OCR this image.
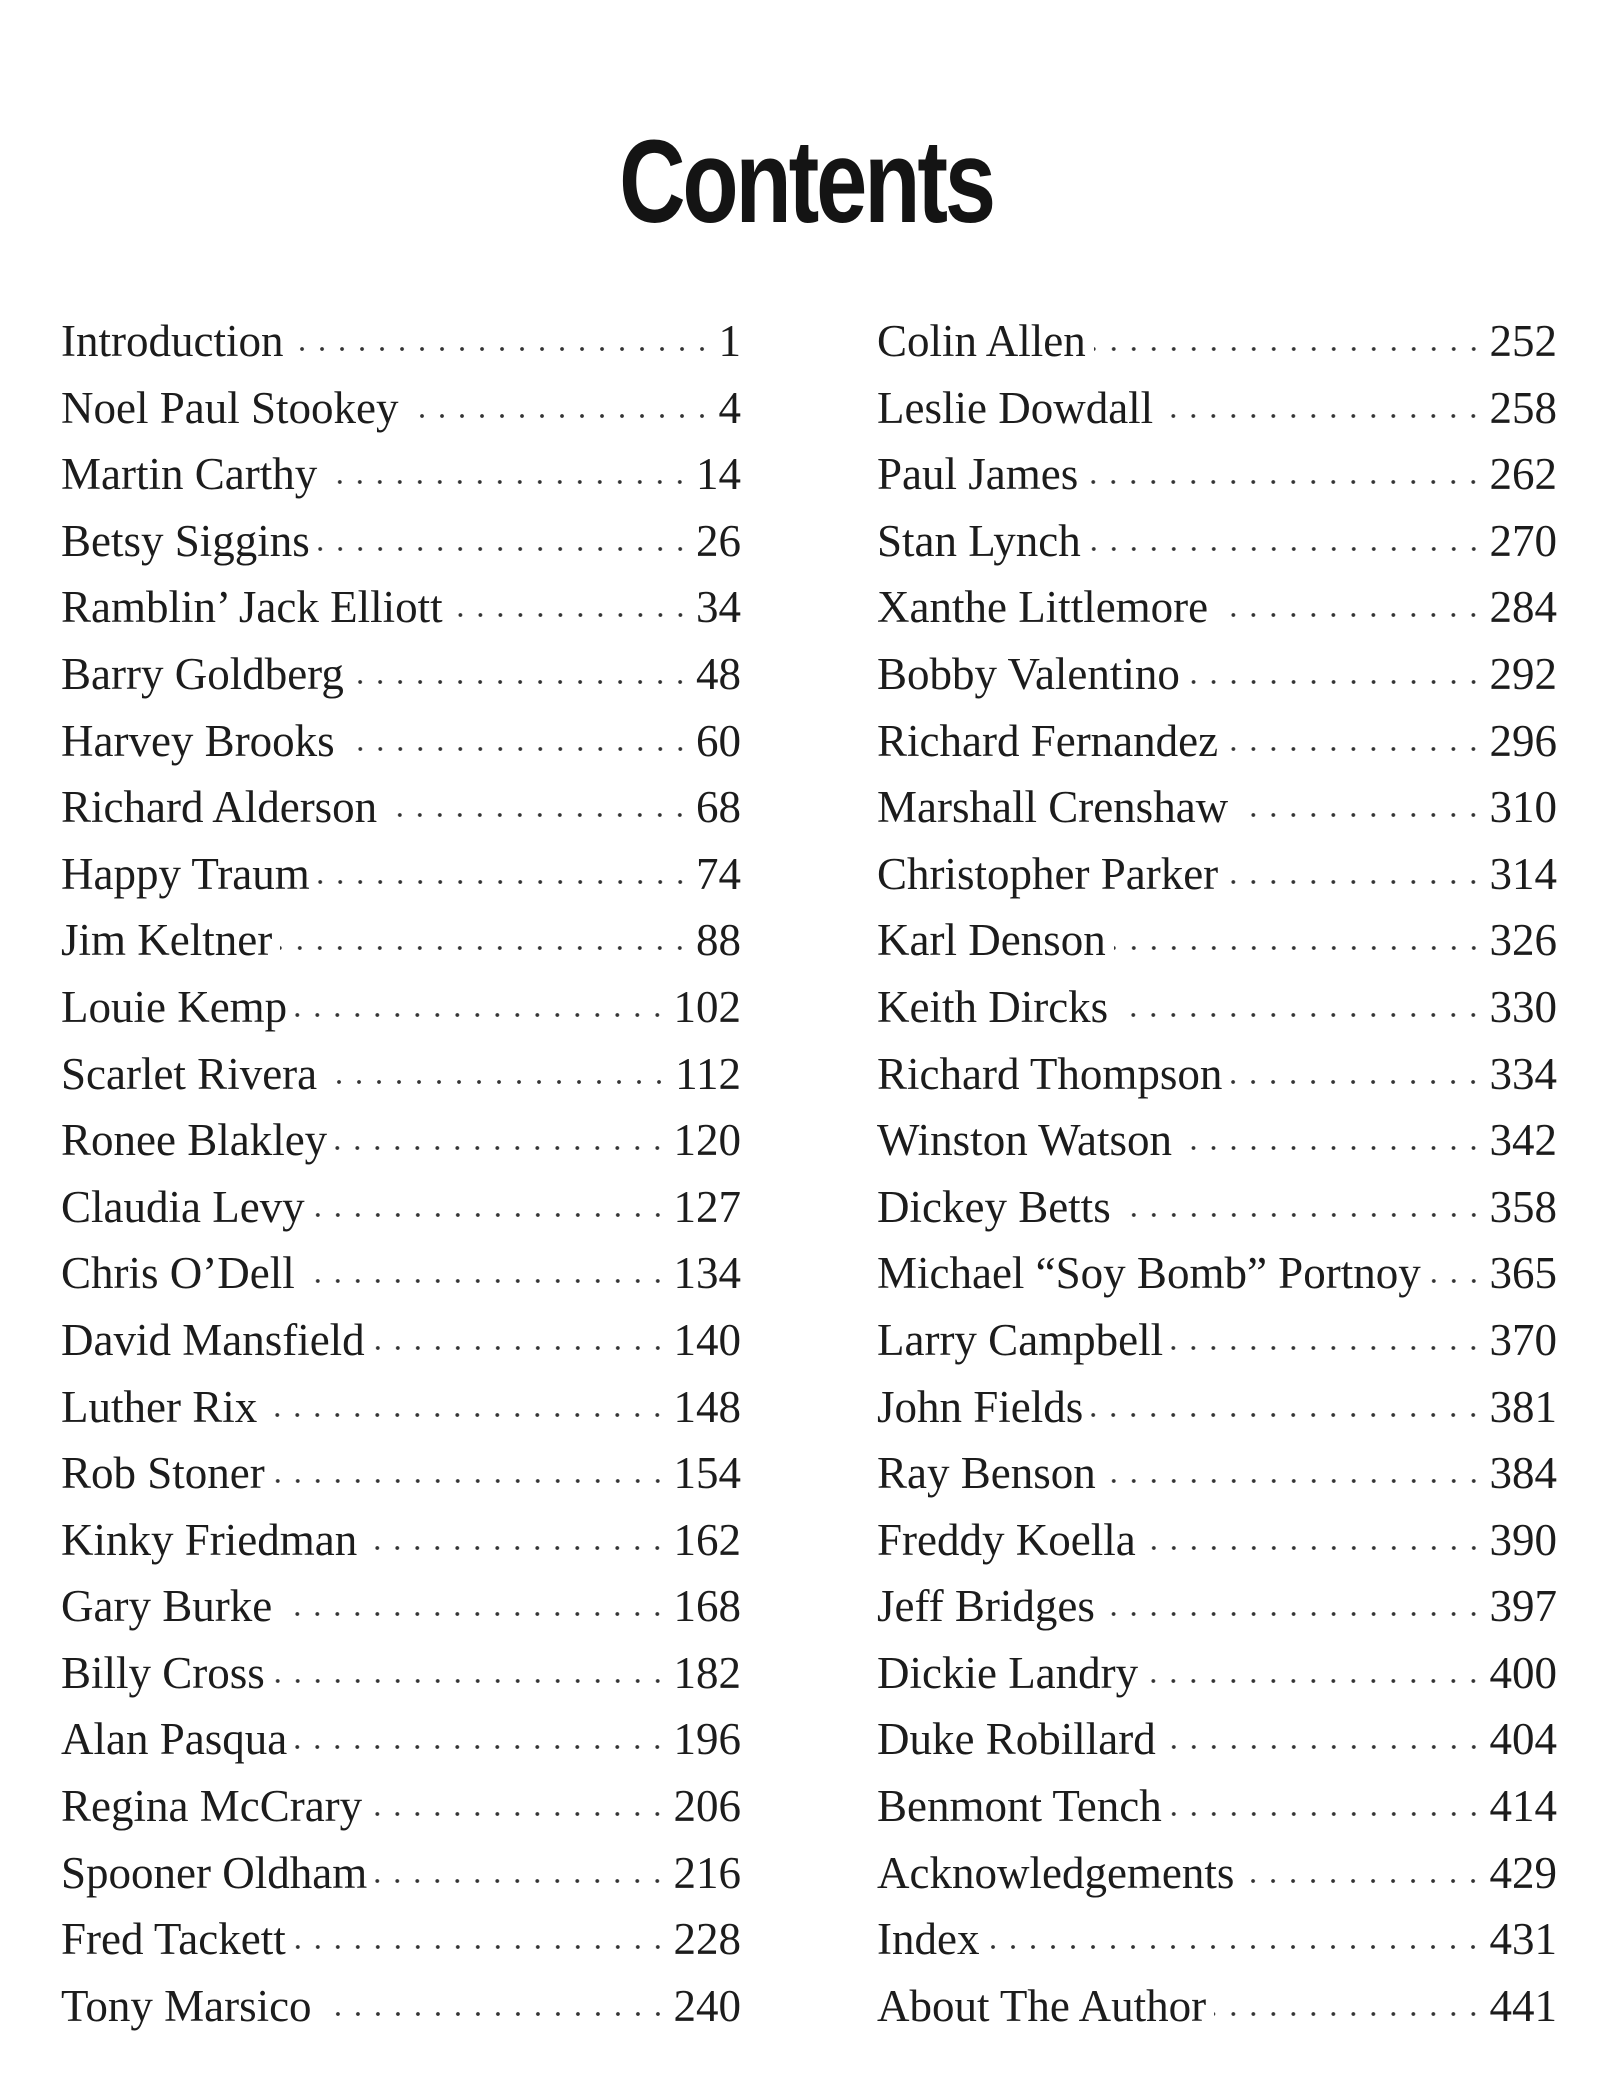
Contents
Introduction	1
Noel Paul Stookey	4
Martin Carthy	14
Betsy Siggins	26
Ramblin’ Jack Elliott	34
Barry Goldberg	48
Harvey Brooks	60
Richard Alderson	68
Happy Traum	74
Jim Keltner	88
Louie Kemp	102
Scarlet Rivera	112
Ronee Blakley	120
Claudia Levy	127
Chris O’Dell	134
David Mansfield	140
Luther Rix	148
Rob Stoner	154
Kinky Friedman	162
Gary Burke	168
Billy Cross	182
Alan Pasqua	196
Regina McCrary	206
Spooner Oldham	216
Fred Tackett	228
Tony Marsico	240
Colin Allen	252
Leslie Dowdall	258
Paul James	262
Stan Lynch	270
Xanthe Littlemore	284
Bobby Valentino	292
Richard Fernandez	296
Marshall Crenshaw	310
Christopher Parker	314
Karl Denson	326
Keith Dircks	330
Richard Thompson	334
Winston Watson	342
Dickey Betts	358
Michael “Soy Bomb” Portnoy 365
Larry Campbell	370
John Fields	381
Ray Benson	384
Freddy Koella	390
Jeff Bridges	397
Dickie Landry	400
Duke Robillard	404
Benmont Tench	414
Acknowledgements	429
Index	431
About The Author	441
